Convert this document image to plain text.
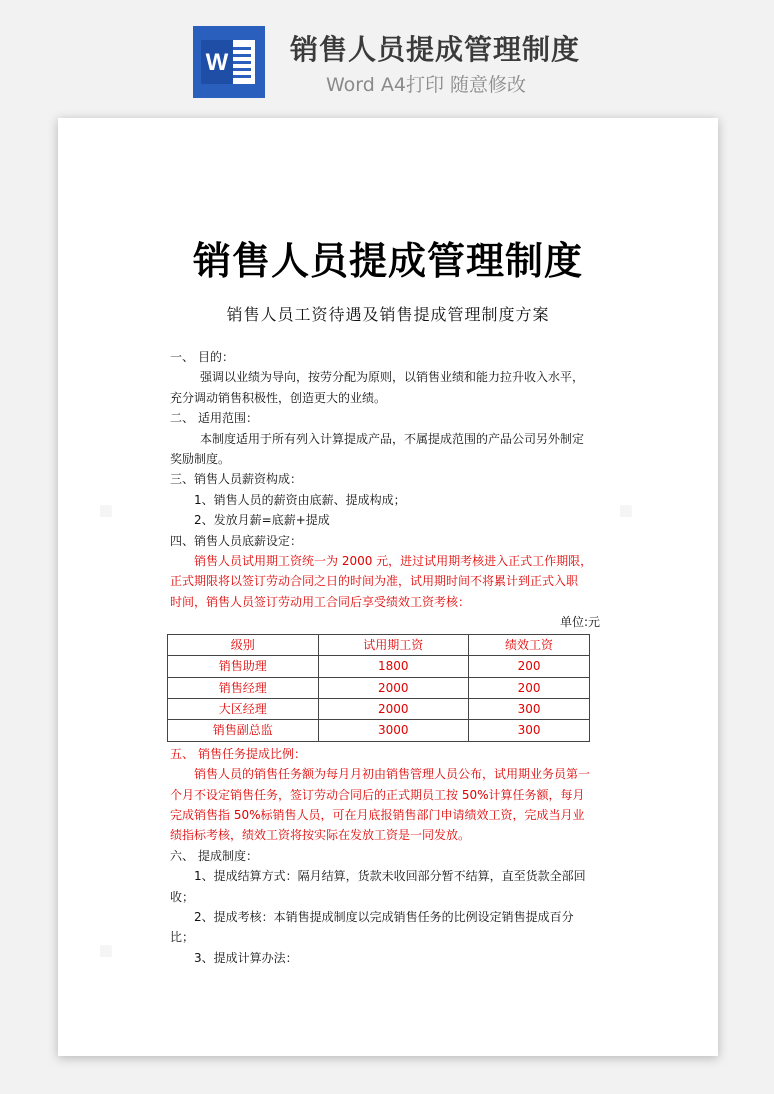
W 销售人员提成管理制度
Word A4打印 随意修改
销售人员提成管理制度
销售人员工资待遇及销售提成管理制度方案
一、 目的：
强调以业绩为导向，按劳分配为原则，以销售业绩和能力拉升收入水平，
充分调动销售积极性，创造更大的业绩。
二、 适用范围：
本制度适用于所有列入计算提成产品，不属提成范围的产品公司另外制定
奖励制度。
三、销售人员薪资构成：
1、销售人员的薪资由底薪、提成构成；
2、发放月薪=底薪+提成
四、销售人员底薪设定：
销售人员试用期工资统一为 2000 元，进过试用期考核进入正式工作期限，
正式期限将以签订劳动合同之日的时间为准，试用期时间不将累计到正式入职
时间，销售人员签订劳动用工合同后享受绩效工资考核：
单位:元
级别	试用期工资	绩效工资
销售助理	1800	200
销售经理	2000	200
大区经理	2000	300
销售副总监	3000	300
五、 销售任务提成比例：
销售人员的销售任务额为每月月初由销售管理人员公布，试用期业务员第一
个月不设定销售任务，签订劳动合同后的正式期员工按 50%计算任务额，每月
完成销售指 50%标销售人员，可在月底报销售部门申请绩效工资，完成当月业
绩指标考核，绩效工资将按实际在发放工资是一同发放。
六、 提成制度：
1、提成结算方式：隔月结算，货款未收回部分暂不结算，直至货款全部回
收；
2、提成考核：本销售提成制度以完成销售任务的比例设定销售提成百分
比；
3、提成计算办法：
